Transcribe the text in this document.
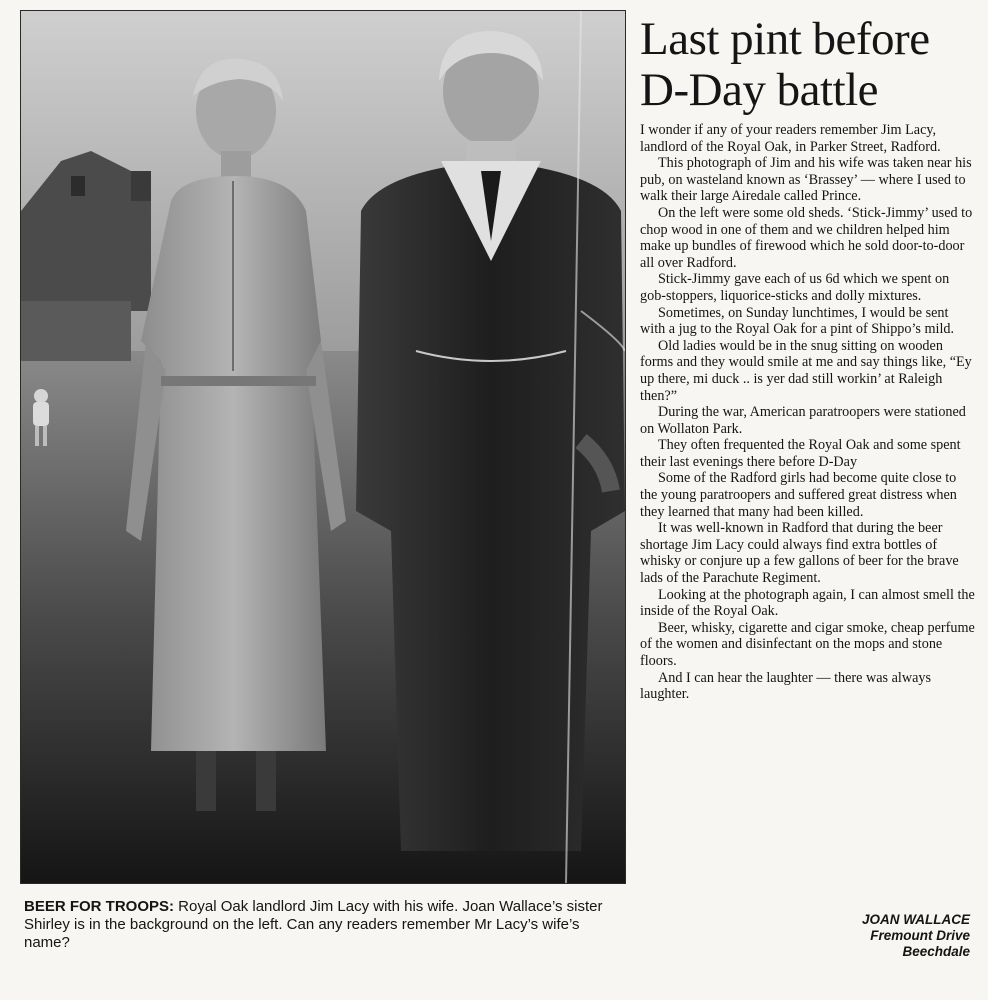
Last pint before
D-Day battle

I wonder if any of your readers remember Jim Lacy, landlord of the Royal Oak, in Parker Street, Radford.

This photograph of Jim and his wife was taken near his pub, on wasteland known as ‘Brassey’ — where I used to walk their large Airedale called Prince.

On the left were some old sheds. ‘Stick-Jimmy’ used to chop wood in one of them and we children helped him make up bundles of firewood which he sold door-to-door all over Radford.

Stick-Jimmy gave each of us 6d which we spent on gob-stoppers, liquorice-sticks and dolly mixtures.

Sometimes, on Sunday lunchtimes, I would be sent with a jug to the Royal Oak for a pint of Shippo’s mild.

Old ladies would be in the snug sitting on wooden forms and they would smile at me and say things like, “Ey up there, mi duck .. is yer dad still workin’ at Raleigh then?”

During the war, American paratroopers were stationed on Wollaton Park.

They often frequented the Royal Oak and some spent their last evenings there before D-Day

Some of the Radford girls had become quite close to the young paratroopers and suffered great distress when they learned that many had been killed.

It was well-known in Radford that during the beer shortage Jim Lacy could always find extra bottles of whisky or conjure up a few gallons of beer for the brave lads of the Parachute Regiment.

Looking at the photograph again, I can almost smell the inside of the Royal Oak.

Beer, whisky, cigarette and cigar smoke, cheap perfume of the women and disinfectant on the mops and stone floors.

And I can hear the laughter — there was always laughter.

JOAN WALLACE
Fremount Drive
Beechdale
BEER FOR TROOPS: Royal Oak landlord Jim Lacy with his wife. Joan Wallace’s sister Shirley is in the background on the left. Can any readers remember Mr Lacy’s wife’s name?
